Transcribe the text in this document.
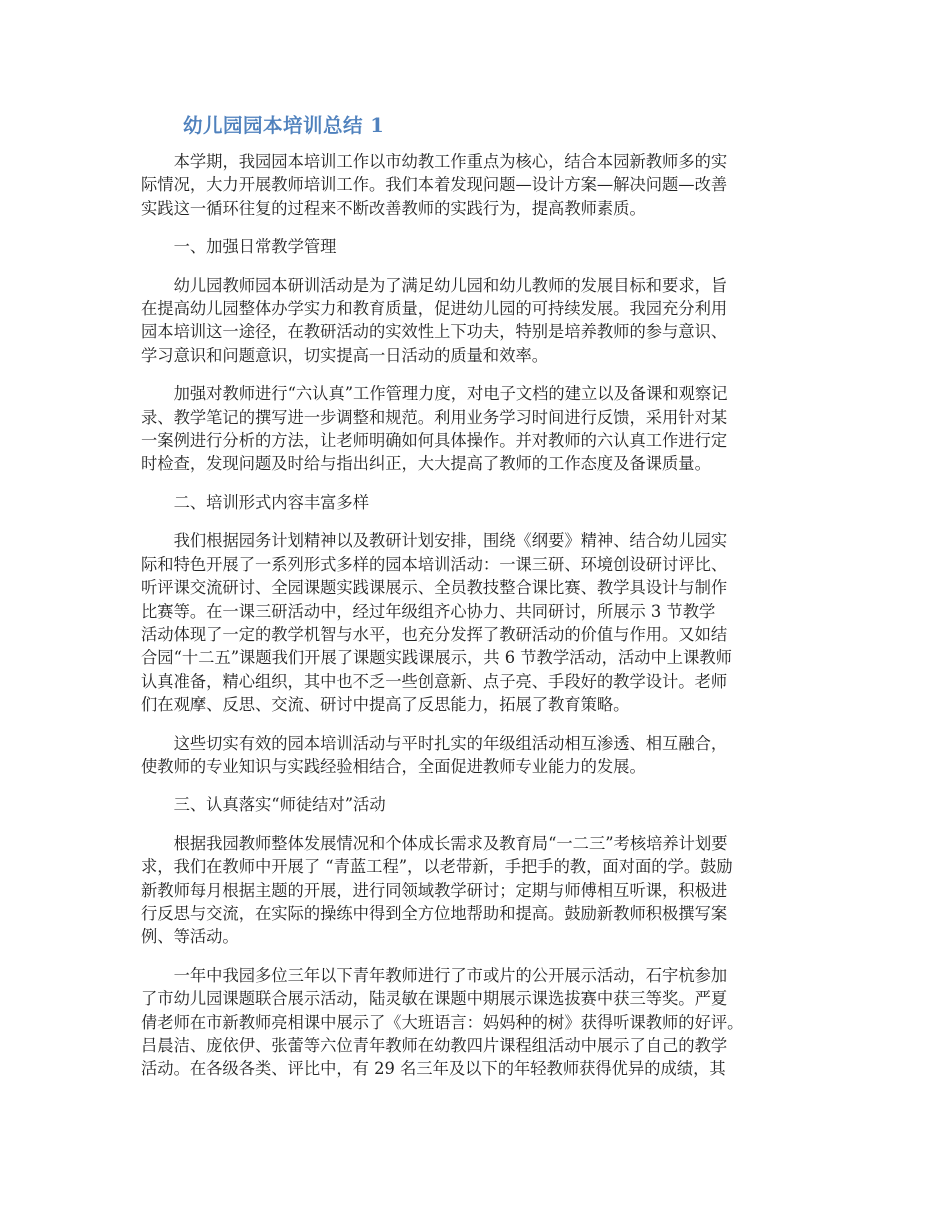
幼儿园园本培训总结 1
本学期，我园园本培训工作以市幼教工作重点为核心，结合本园新教师多的实
际情况，大力开展教师培训工作。我们本着发现问题—设计方案—解决问题—改善
实践这一循环往复的过程来不断改善教师的实践行为，提高教师素质。
一、加强日常教学管理
幼儿园教师园本研训活动是为了满足幼儿园和幼儿教师的发展目标和要求，旨
在提高幼儿园整体办学实力和教育质量，促进幼儿园的可持续发展。我园充分利用
园本培训这一途径，在教研活动的实效性上下功夫，特别是培养教师的参与意识、
学习意识和问题意识，切实提高一日活动的质量和效率。
加强对教师进行“六认真”工作管理力度，对电子文档的建立以及备课和观察记
录、教学笔记的撰写进一步调整和规范。利用业务学习时间进行反馈，采用针对某
一案例进行分析的方法，让老师明确如何具体操作。并对教师的六认真工作进行定
时检查，发现问题及时给与指出纠正，大大提高了教师的工作态度及备课质量。
二、培训形式内容丰富多样
我们根据园务计划精神以及教研计划安排，围绕《纲要》精神、结合幼儿园实
际和特色开展了一系列形式多样的园本培训活动：一课三研、环境创设研讨评比、
听评课交流研讨、全园课题实践课展示、全员教技整合课比赛、教学具设计与制作
比赛等。在一课三研活动中，经过年级组齐心协力、共同研讨，所展示 3 节教学
活动体现了一定的教学机智与水平，也充分发挥了教研活动的价值与作用。又如结
合园“十二五”课题我们开展了课题实践课展示，共 6 节教学活动，活动中上课教师
认真准备，精心组织，其中也不乏一些创意新、点子亮、手段好的教学设计。老师
们在观摩、反思、交流、研讨中提高了反思能力，拓展了教育策略。
这些切实有效的园本培训活动与平时扎实的年级组活动相互渗透、相互融合，
使教师的专业知识与实践经验相结合，全面促进教师专业能力的发展。
三、认真落实“师徒结对”活动
根据我园教师整体发展情况和个体成长需求及教育局“一二三”考核培养计划要
求，我们在教师中开展了 “青蓝工程”，以老带新，手把手的教，面对面的学。鼓励
新教师每月根据主题的开展，进行同领域教学研讨；定期与师傅相互听课，积极进
行反思与交流，在实际的操练中得到全方位地帮助和提高。鼓励新教师积极撰写案
例、等活动。
一年中我园多位三年以下青年教师进行了市或片的公开展示活动，石宇杭参加
了市幼儿园课题联合展示活动，陆灵敏在课题中期展示课选拔赛中获三等奖。严夏
倩老师在市新教师亮相课中展示了《大班语言：妈妈种的树》获得听课教师的好评。
吕晨洁、庞依伊、张蕾等六位青年教师在幼教四片课程组活动中展示了自己的教学
活动。在各级各类、评比中，有 29 名三年及以下的年轻教师获得优异的成绩，其
